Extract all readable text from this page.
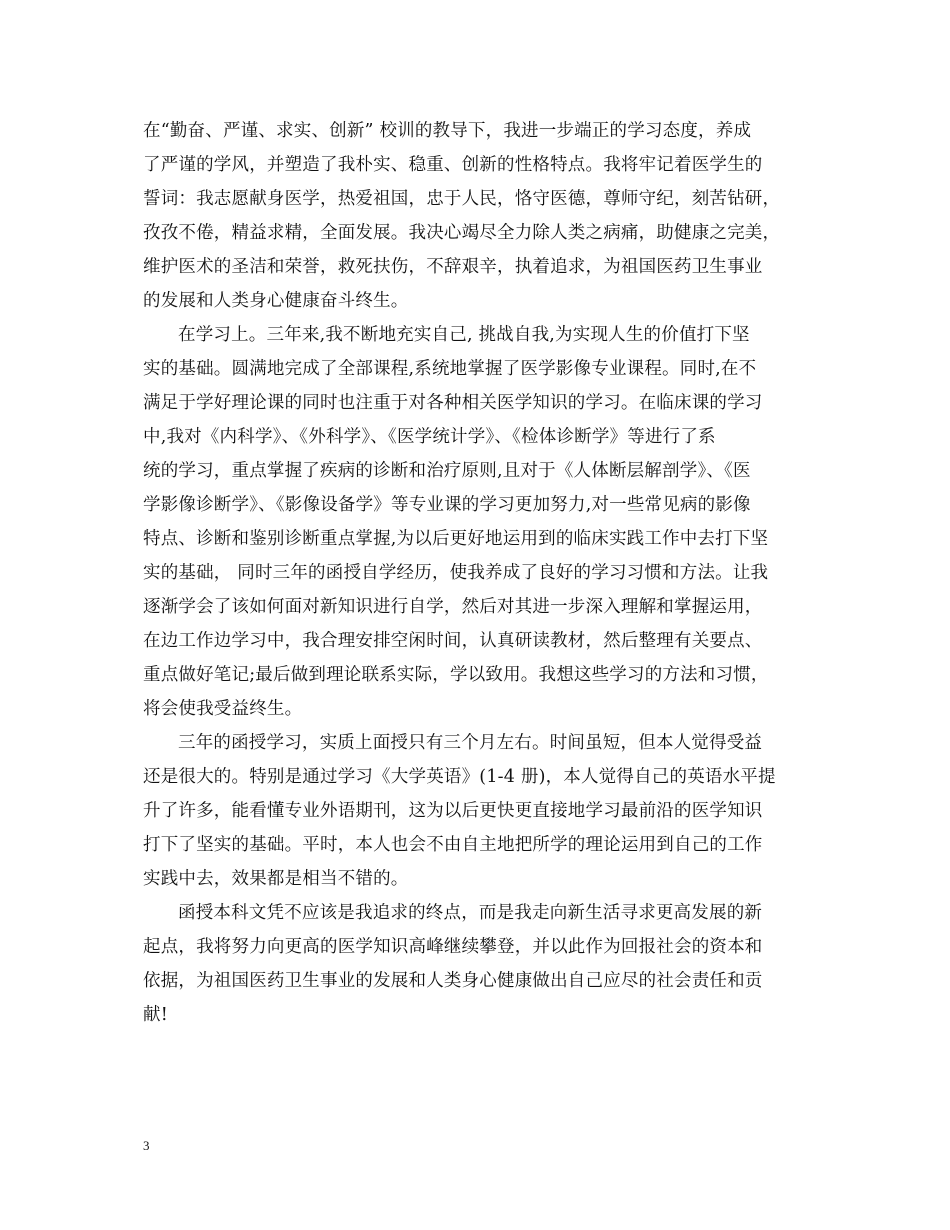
在“勤奋、严谨、求实、创新” 校训的教导下，我进一步端正的学习态度，养成
了严谨的学风，并塑造了我朴实、稳重、创新的性格特点。我将牢记着医学生的
誓词：我志愿献身医学，热爱祖国，忠于人民，恪守医德，尊师守纪，刻苦钻研，
孜孜不倦，精益求精，全面发展。我决心竭尽全力除人类之病痛，助健康之完美，
维护医术的圣洁和荣誉，救死扶伤，不辞艰辛，执着追求，为祖国医药卫生事业
的发展和人类身心健康奋斗终生。

在学习上。三年来,我不断地充实自己, 挑战自我,为实现人生的价值打下坚
实的基础。圆满地完成了全部课程,系统地掌握了医学影像专业课程。同时,在不
满足于学好理论课的同时也注重于对各种相关医学知识的学习。在临床课的学习
中,我对《内科学》、《外科学》、《医学统计学》、《检体诊断学》等进行了系
统的学习，重点掌握了疾病的诊断和治疗原则,且对于《人体断层解剖学》、《医
学影像诊断学》、《影像设备学》等专业课的学习更加努力,对一些常见病的影像
特点、诊断和鉴别诊断重点掌握,为以后更好地运用到的临床实践工作中去打下坚
实的基础， 同时三年的函授自学经历，使我养成了良好的学习习惯和方法。让我
逐渐学会了该如何面对新知识进行自学，然后对其进一步深入理解和掌握运用，
在边工作边学习中，我合理安排空闲时间，认真研读教材，然后整理有关要点、
重点做好笔记;最后做到理论联系实际，学以致用。我想这些学习的方法和习惯，
将会使我受益终生。

三年的函授学习，实质上面授只有三个月左右。时间虽短，但本人觉得受益
还是很大的。特别是通过学习《大学英语》(1-4 册)，本人觉得自己的英语水平提
升了许多，能看懂专业外语期刊，这为以后更快更直接地学习最前沿的医学知识
打下了坚实的基础。平时，本人也会不由自主地把所学的理论运用到自己的工作
实践中去，效果都是相当不错的。

函授本科文凭不应该是我追求的终点，而是我走向新生活寻求更高发展的新
起点，我将努力向更高的医学知识高峰继续攀登，并以此作为回报社会的资本和
依据，为祖国医药卫生事业的发展和人类身心健康做出自己应尽的社会责任和贡
献!

3
